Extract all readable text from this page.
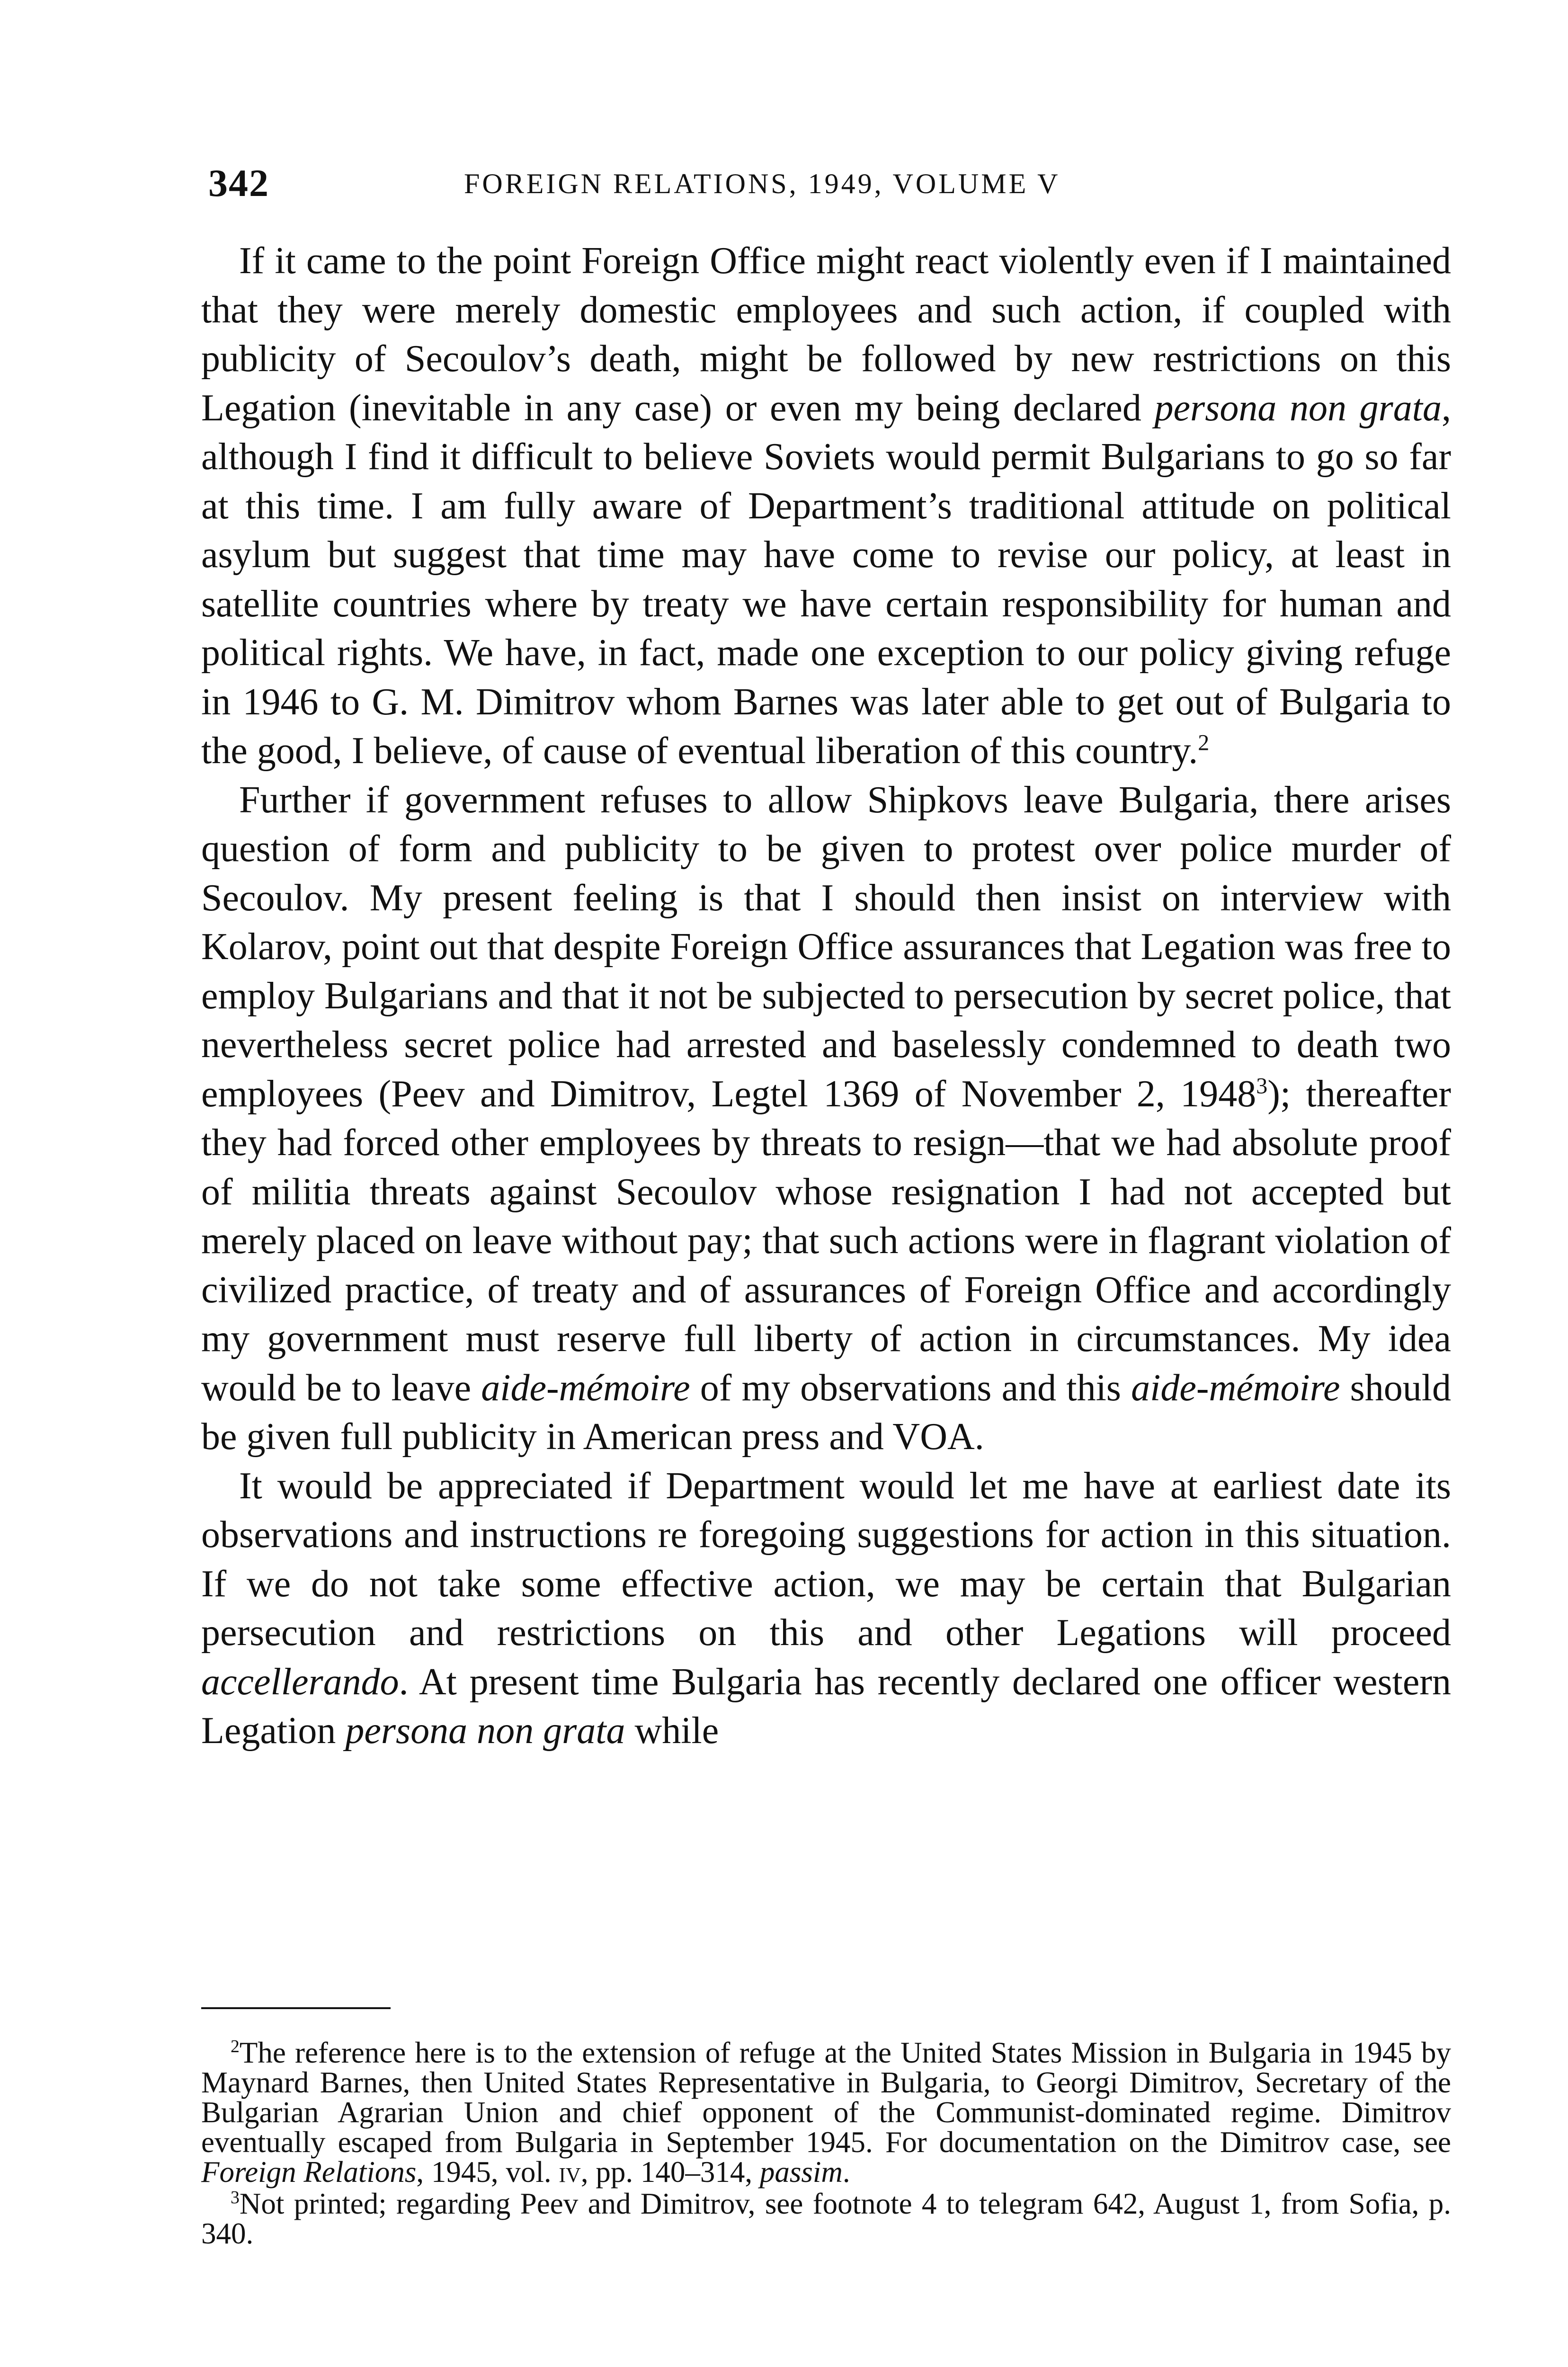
342	FOREIGN RELATIONS, 1949, VOLUME V

If it came to the point Foreign Office might react violently even if I maintained that they were merely domestic employees and such action, if coupled with publicity of Secoulov’s death, might be followed by new restrictions on this Legation (inevitable in any case) or even my being declared persona non grata, although I find it difficult to believe Soviets would permit Bulgarians to go so far at this time. I am fully aware of Department’s traditional attitude on political asylum but suggest that time may have come to revise our policy, at least in satellite countries where by treaty we have certain responsibility for human and political rights. We have, in fact, made one exception to our policy giving refuge in 1946 to G. M. Dimitrov whom Barnes was later able to get out of Bulgaria to the good, I believe, of cause of eventual liberation of this country.$^2$

Further if government refuses to allow Shipkovs leave Bulgaria, there arises question of form and publicity to be given to protest over police murder of Secoulov. My present feeling is that I should then insist on interview with Kolarov, point out that despite Foreign Office assurances that Legation was free to employ Bulgarians and that it not be subjected to persecution by secret police, that nevertheless secret police had arrested and baselessly condemned to death two employees (Peev and Dimitrov, Legtel 1369 of November 2, 1948$^3$); thereafter they had forced other employees by threats to resign—that we had absolute proof of militia threats against Secoulov whose resignation I had not accepted but merely placed on leave without pay; that such actions were in flagrant violation of civilized practice, of treaty and of assurances of Foreign Office and accordingly my government must reserve full liberty of action in circumstances. My idea would be to leave aide-mémoire of my observations and this aide-mémoire should be given full publicity in American press and VOA.

It would be appreciated if Department would let me have at earliest date its observations and instructions re foregoing suggestions for action in this situation. If we do not take some effective action, we may be certain that Bulgarian persecution and restrictions on this and other Legations will proceed accellerando. At present time Bulgaria has recently declared one officer western Legation persona non grata while

$^2$The reference here is to the extension of refuge at the United States Mission in Bulgaria in 1945 by Maynard Barnes, then United States Representative in Bulgaria, to Georgi Dimitrov, Secretary of the Bulgarian Agrarian Union and chief opponent of the Communist-dominated regime. Dimitrov eventually escaped from Bulgaria in September 1945. For documentation on the Dimitrov case, see Foreign Relations, 1945, vol. iv, pp. 140–314, passim.

$^3$Not printed; regarding Peev and Dimitrov, see footnote 4 to telegram 642, August 1, from Sofia, p. 340.
